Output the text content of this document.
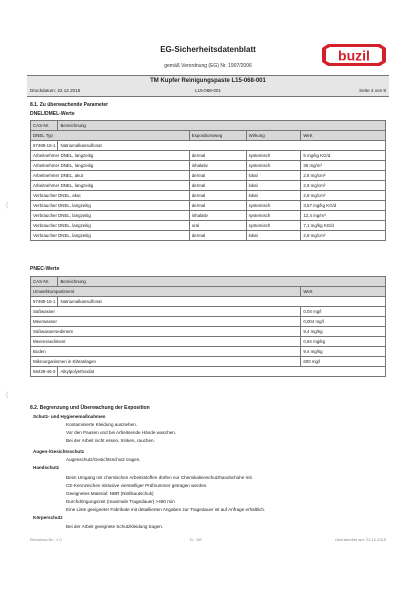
EG-Sicherheitsdatenblatt
gemäß Verordnung (EG) Nr. 1907/2006
buzil
TM Kupfer Reinigungspaste L15-068-001
Druckdatum: 22.12.2015	L15-068-001	Seite 4 von 9
8.1. Zu überwachende Parameter
DNEL/DMEL-Werte
CAS-Nr.	Bezeichnung			
DNEL Typ		Expositionsweg	Wirkung	Wert
97489-15-1	Natriumalkansulfonat			
Arbeitnehmer DNEL, langzeitig		dermal	systemisch	5 mg/kg KG/d
Arbeitnehmer DNEL, langzeitig		inhalativ	systemisch	35 mg/m³
Arbeitnehmer DNEL, akut		dermal	lokal	2,8 mg/cm²
Arbeitnehmer DNEL, langzeitig		dermal	lokal	2,8 mg/cm²
Verbraucher DNEL, akut		dermal	lokal	2,8 mg/cm²
Verbraucher DNEL, langzeitig		dermal	systemisch	3,57 mg/kg KG/d
Verbraucher DNEL, langzeitig		inhalativ	systemisch	12,4 mg/m³
Verbraucher DNEL, langzeitig		oral	systemisch	7,1 mg/kg KG/d
Verbraucher DNEL, langzeitig		dermal	lokal	2,8 mg/cm²
PNEC-Werte
CAS-Nr.	Bezeichnung	
Umweltkompartiment		Wert
97489-15-1	Natriumalkansulfonat	
Süßwasser		0,04 mg/l
Meerwasser		0,004 mg/l
Süßwassersediment		9,4 mg/kg
Meeressediment		0,94 mg/kg
Boden		9,4 mg/kg
Mikroorganismen in Kläranlagen		600 mg/l
68439-46-3	Alkylpolyethoxilat	
8.2. Begrenzung und Überwachung der Exposition
Schutz- und Hygienemaßnahmen
Kontaminierte Kleidung ausziehen.
Vor den Pausen und bei Arbeitsende Hände waschen.
Bei der Arbeit nicht essen, trinken, rauchen.
Augen-/Gesichtsschutz
Augenschutz/Gesichtsschutz tragen.
Handschutz
Beim Umgang mit chemischen Arbeitsstoffen dürfen nur Chemikalienschutzhandschuhe mit
CE-Kennzeichen inklusive vierstelliger Prüfnummer getragen werden.
Geeignetes Material: NBR (Nitrilkautschuk)
Durchdringungszeit (maximale Tragedauer) >480 min
Eine Liste geeigneter Fabrikate mit detaillierten Angaben zur Tragedauer ist auf Anfrage erhältlich.
Körperschutz
Bei der Arbeit geeignete Schutzkleidung tragen.
Revisions-Nr.: 1.0	D - DE	Überarbeitet am: 22.12.2015
(
(
